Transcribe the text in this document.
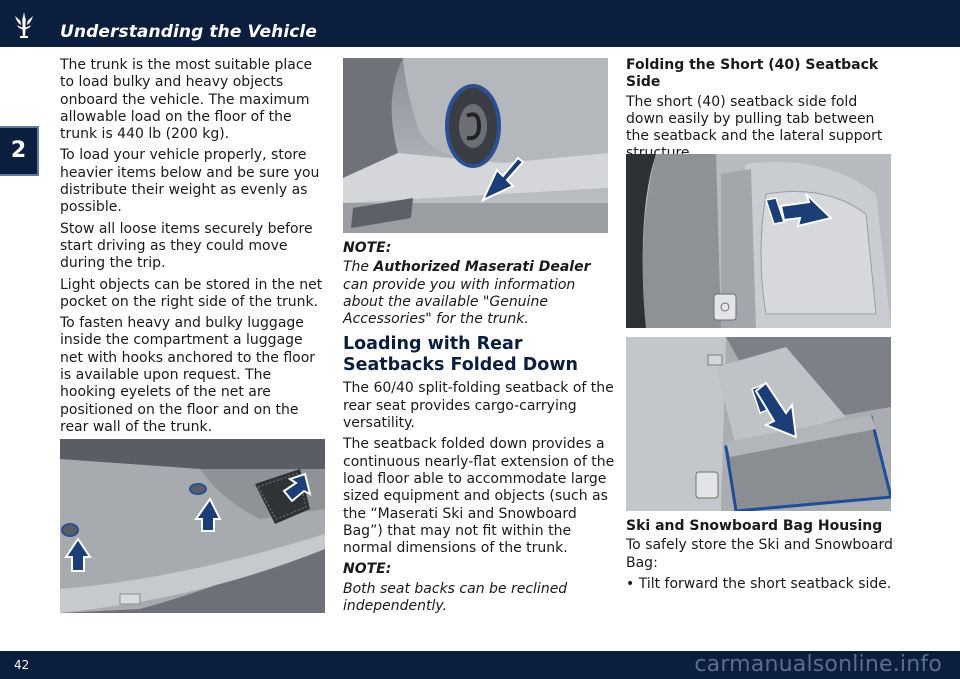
Understanding the Vehicle
2

The trunk is the most suitable place to load bulky and heavy objects onboard the vehicle. The maximum allowable load on the floor of the trunk is 440 lb (200 kg).

To load your vehicle properly, store heavier items below and be sure you distribute their weight as evenly as possible.

Stow all loose items securely before start driving as they could move during the trip.

Light objects can be stored in the net pocket on the right side of the trunk.

To fasten heavy and bulky luggage inside the compartment a luggage net with hooks anchored to the floor is available upon request. The hooking eyelets of the net are positioned on the floor and on the rear wall of the trunk.

NOTE:

The Authorized Maserati Dealer can provide you with information about the available "Genuine Accessories" for the trunk.

Loading with Rear Seatbacks Folded Down

The 60/40 split-folding seatback of the rear seat provides cargo-carrying versatility.

The seatback folded down provides a continuous nearly-flat extension of the load floor able to accommodate large sized equipment and objects (such as the “Maserati Ski and Snowboard Bag”) that may not fit within the normal dimensions of the trunk.

NOTE:

Both seat backs can be reclined independently.

Folding the Short (40) Seatback Side

The short (40) seatback side fold down easily by pulling tab between the seatback and the lateral support

Ski and Snowboard Bag Housing

To safely store the Ski and Snowboard Bag:

• Tilt forward the short seatback side.

42	carmanualsonline.info
